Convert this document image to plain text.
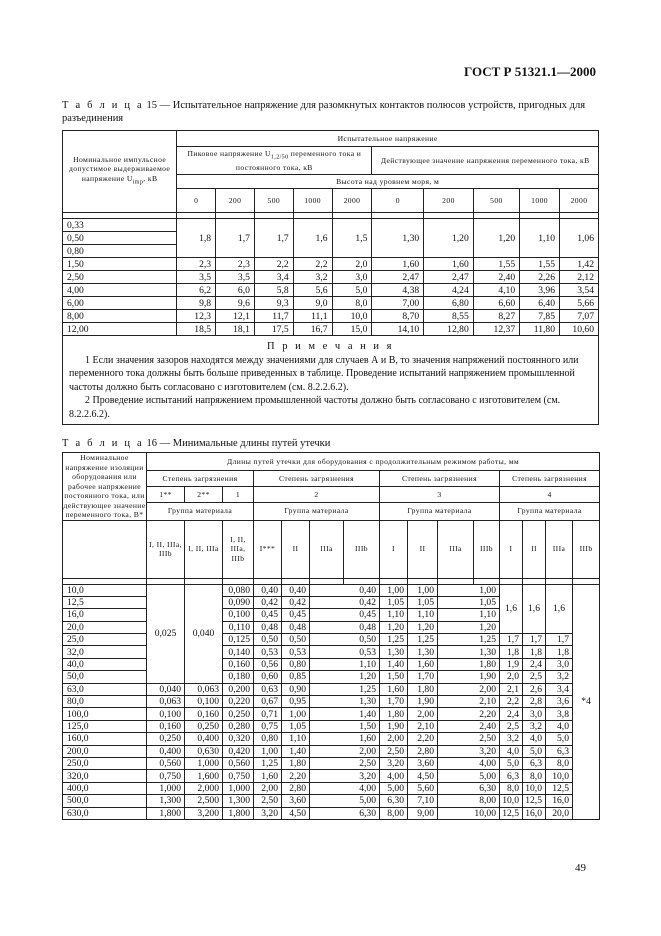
ГОСТ Р 51321.1—2000
Т а б л и ц а 15 — Испытательное напряжение для разомкнутых контактов полюсов устройств, пригодных для разъединения
Номинальное импульсное допустимое выдерживаемое напряжение $U_{imp}$, кВ	Испытательное напряжение									
	Пиковое напряжение $U_{1,2/50}$ переменного тока и постоянного тока, кВ					Действующее значение напряжения переменного тока, кВ				
	Высота над уровнем моря, м									
	0	200	500	1000	2000	0	200	500	1000	2000

0,33	1,8	1,7	1,7	1,6	1,5	1,30	1,20	1,20	1,10	1,06
0,50										
0,80										
1,50	2,3	2,3	2,2	2,2	2,0	1,60	1,60	1,55	1,55	1,42
2,50	3,5	3,5	3,4	3,2	3,0	2,47	2,47	2,40	2,26	2,12
4,00	6,2	6,0	5,8	5,6	5,0	4,38	4,24	4,10	3,96	3,54
6,00	9,8	9,6	9,3	9,0	8,0	7,00	6,80	6,60	6,40	5,66
8,00	12,3	12,1	11,7	11,1	10,0	8,70	8,55	8,27	7,85	7,07
12,00	18,5	18,1	17,5	16,7	15,0	14,10	12,80	12,37	11,80	10,60

П р и м е ч а н и я

1 Если значения зазоров находятся между значениями для случаев А и В, то значения напряжений постоянного или переменного тока должны быть больше приведенных в таблице. Проведение испытаний напряжением промышленной частоты должно быть согласовано с изготовителем (см. 8.2.2.6.2).

2 Проведение испытаний напряжением промышленной частоты должно быть согласовано с изготовителем (см. 8.2.2.6.2).										

Т а б л и ц а 16 — Минимальные длины путей утечки
Номинальное напряжение изоляции оборудования или рабочее напряжение постоянного тока, или действующее значение переменного тока, В*	Длины путей утечки для оборудования с продолжительным режимом работы, мм														
	Степень загрязнения			Степень загрязнения				Степень загрязнения				Степень загрязнения			
	1**	2**	1	2				3				4			
	Группа материала			Группа материала				Группа материала				Группа материала			
	I, II, IIIa, IIIb	I, II, IIIa	I, II, IIIa, IIIb	I***	II	IIIa	IIIb	I	II	IIIa	IIIb	I	II	IIIa	IIIb

10,0	0,025	0,040	0,080	0,40	0,40	0,40		1,00	1,00	1,00		1,6	1,6	1,6	*4
12,5			0,090	0,42	0,42	0,42		1,05	1,05	1,05					
16,0			0,100	0,45	0,45	0,45		1,10	1,10	1,10					
20,0			0,110	0,48	0,48	0,48		1,20	1,20	1,20					
25,0			0,125	0,50	0,50	0,50		1,25	1,25	1,25		1,7	1,7	1,7	
32,0			0,140	0,53	0,53	0,53		1,30	1,30	1,30		1,8	1,8	1,8	
40,0			0,160	0,56	0,80	1,10		1,40	1,60	1,80		1,9	2,4	3,0	
50,0			0,180	0,60	0,85	1,20		1,50	1,70	1,90		2,0	2,5	3,2	
63,0	0,040	0,063	0,200	0,63	0,90	1,25		1,60	1,80	2,00		2,1	2,6	3,4	
80,0	0,063	0,100	0,220	0,67	0,95	1,30		1,70	1,90	2,10		2,2	2,8	3,6	
100,0	0,100	0,160	0,250	0,71	1,00	1,40		1,80	2,00	2,20		2,4	3,0	3,8	
125,0	0,160	0,250	0,280	0,75	1,05	1,50		1,90	2,10	2,40		2,5	3,2	4,0	
160,0	0,250	0,400	0,320	0,80	1,10	1,60		2,00	2,20	2,50		3,2	4,0	5,0	
200,0	0,400	0,630	0,420	1,00	1,40	2,00		2,50	2,80	3,20		4,0	5,0	6,3	
250,0	0,560	1,000	0,560	1,25	1,80	2,50		3,20	3,60	4,00		5,0	6,3	8,0	
320,0	0,750	1,600	0,750	1,60	2,20	3,20		4,00	4,50	5,00		6,3	8,0	10,0	
400,0	1,000	2,000	1,000	2,00	2,80	4,00		5,00	5,60	6,30		8,0	10,0	12,5	
500,0	1,300	2,500	1,300	2,50	3,60	5,00		6,30	7,10	8,00		10,0	12,5	16,0	
630,0	1,800	3,200	1,800	3,20	4,50	6,30		8,00	9,00	10,00		12,5	16,0	20,0	
49
